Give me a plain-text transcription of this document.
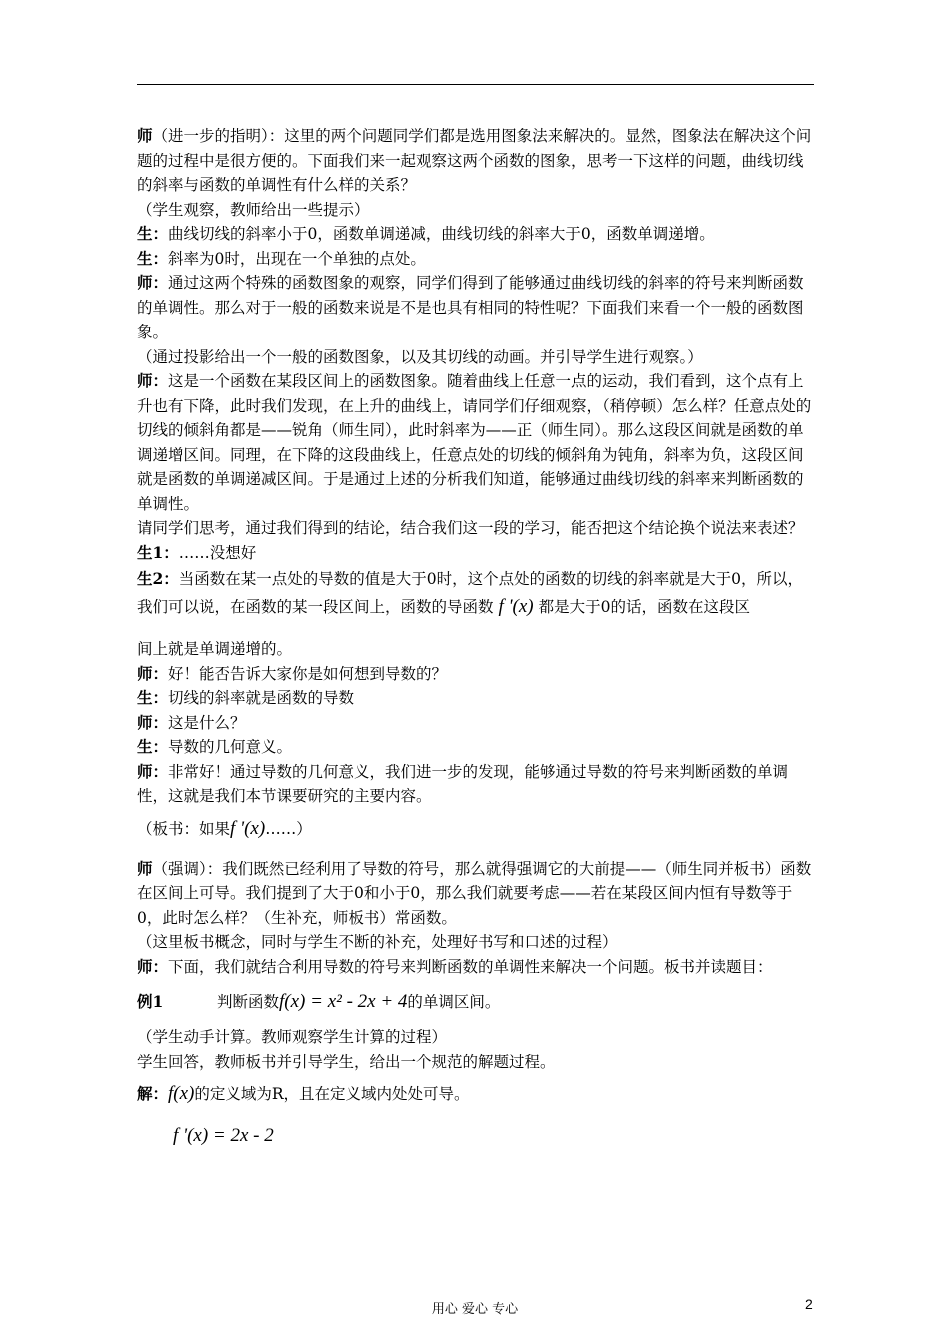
师（进一步的指明）：这里的两个问题同学们都是选用图象法来解决的。显然，图象法在解决这个问题的过程中是很方便的。下面我们来一起观察这两个函数的图象，思考一下这样的问题，曲线切线的斜率与函数的单调性有什么样的关系？

（学生观察，教师给出一些提示）

生：曲线切线的斜率小于0，函数单调递减，曲线切线的斜率大于0，函数单调递增。

生：斜率为0时，出现在一个单独的点处。

师：通过这两个特殊的函数图象的观察，同学们得到了能够通过曲线切线的斜率的符号来判断函数的单调性。那么对于一般的函数来说是不是也具有相同的特性呢？下面我们来看一个一般的函数图象。

（通过投影给出一个一般的函数图象，以及其切线的动画。并引导学生进行观察。）

师：这是一个函数在某段区间上的函数图象。随着曲线上任意一点的运动，我们看到，这个点有上升也有下降，此时我们发现，在上升的曲线上，请同学们仔细观察，（稍停顿）怎么样？任意点处的切线的倾斜角都是——锐角（师生同），此时斜率为——正（师生同）。那么这段区间就是函数的单调递增区间。同理，在下降的这段曲线上，任意点处的切线的倾斜角为钝角，斜率为负，这段区间就是函数的单调递减区间。于是通过上述的分析我们知道，能够通过曲线切线的斜率来判断函数的单调性。

请同学们思考，通过我们得到的结论，结合我们这一段的学习，能否把这个结论换个说法来表述？

生1：……没想好

生2：当函数在某一点处的导数的值是大于0时，这个点处的函数的切线的斜率就是大于0，所以，我们可以说，在函数的某一段区间上，函数的导函数 f '(x) 都是大于0的话，函数在这段区

间上就是单调递增的。

师：好！能否告诉大家你是如何想到导数的？

生：切线的斜率就是函数的导数

师：这是什么？

生：导数的几何意义。

师：非常好！通过导数的几何意义，我们进一步的发现，能够通过导数的符号来判断函数的单调性，这就是我们本节课要研究的主要内容。

（板书：如果f '(x)……）

师（强调）：我们既然已经利用了导数的符号，那么就得强调它的大前提——（师生同并板书）函数在区间上可导。我们提到了大于0和小于0，那么我们就要考虑——若在某段区间内恒有导数等于0，此时怎么样？（生补充，师板书）常函数。

（这里板书概念，同时与学生不断的补充，处理好书写和口述的过程）

师：下面，我们就结合利用导数的符号来判断函数的单调性来解决一个问题。板书并读题目：

例1	判断函数f(x) = x² - 2x + 4的单调区间。

（学生动手计算。教师观察学生计算的过程）

学生回答，教师板书并引导学生，给出一个规范的解题过程。

解：f(x)的定义域为R，且在定义域内处处可导。

f '(x) = 2x - 2

用心 爱心 专心	2
